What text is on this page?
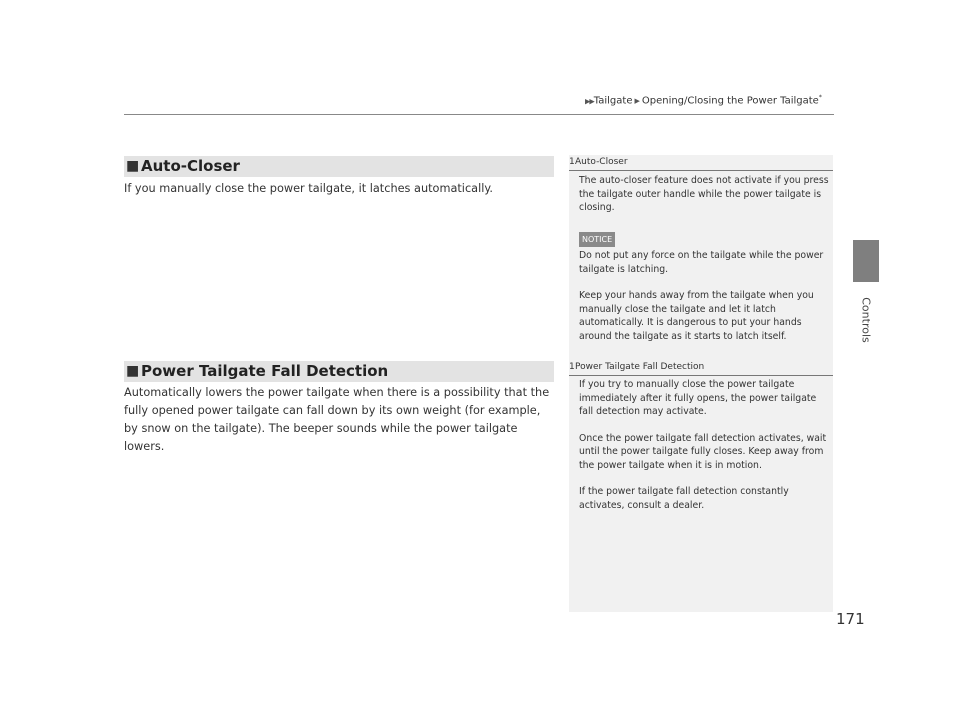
▶▶Tailgate ▶ Opening/Closing the Power Tailgate*
Controls
■ Auto-Closer
If you manually close the power tailgate, it latches automatically.
1 Auto-Closer

The auto-closer feature does not activate if you press the tailgate outer handle while the power tailgate is closing.

NOTICE

Do not put any force on the tailgate while the power tailgate is latching.

Keep your hands away from the tailgate when you manually close the tailgate and let it latch automatically. It is dangerous to put your hands around the tailgate as it starts to latch itself.

■ Power Tailgate Fall Detection
Automatically lowers the power tailgate when there is a possibility that the fully opened power tailgate can fall down by its own weight (for example, by snow on the tailgate). The beeper sounds while the power tailgate lowers.
1 Power Tailgate Fall Detection

If you try to manually close the power tailgate immediately after it fully opens, the power tailgate fall detection may activate.

Once the power tailgate fall detection activates, wait until the power tailgate fully closes. Keep away from the power tailgate when it is in motion.

If the power tailgate fall detection constantly activates, consult a dealer.

171
